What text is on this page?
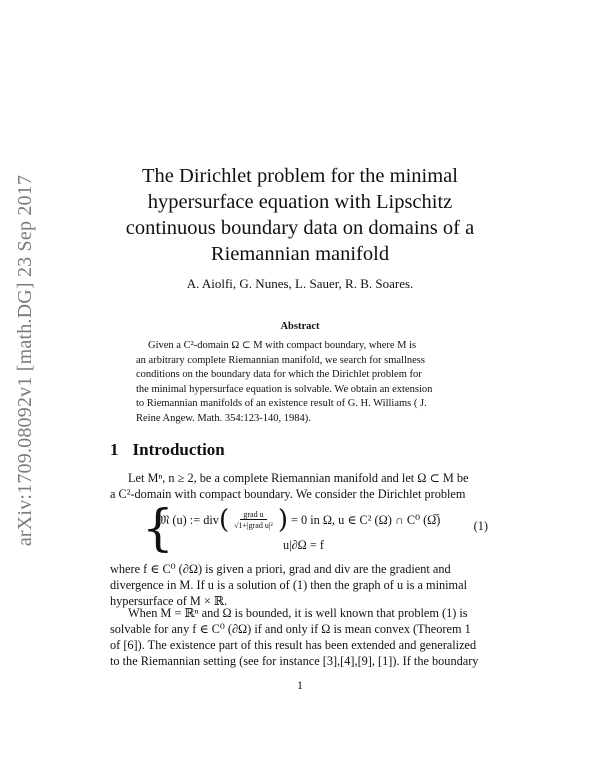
arXiv:1709.08092v1 [math.DG] 23 Sep 2017	The Dirichlet problem for the minimal
hypersurface equation with Lipschitz
continuous boundary data on domains of a
Riemannian manifold
A. Aiolfi, G. Nunes, L. Sauer, R. B. Soares.
Abstract
Given a C²-domain Ω ⊂ M with compact boundary, where M is
an arbitrary complete Riemannian manifold, we search for smallness
conditions on the boundary data for which the Dirichlet problem for
the minimal hypersurface equation is solvable. We obtain an extension
to Riemannian manifolds of an existence result of G. H. Williams ( J.
Reine Angew. Math. 354:123-140, 1984).
1 Introduction
Let Mⁿ, n ≥ 2, be a complete Riemannian manifold and let Ω ⊂ M be
a C²-domain with compact boundary. We consider the Dirichlet problem
{
𝔐 (u) := div ( $\frac{\text{grad u}}{\text{√1+|grad u|²}}$ ) = 0 in Ω, u ∈ C² (Ω) ∩ C⁰ (Ω̅)
u|∂Ω = f
(1)
where f ∈ C⁰ (∂Ω) is given a priori, grad and div are the gradient and
divergence in M. If u is a solution of (1) then the graph of u is a minimal
hypersurface of M × ℝ.
When M = ℝⁿ and Ω is bounded, it is well known that problem (1) is
solvable for any f ∈ C⁰ (∂Ω) if and only if Ω is mean convex (Theorem 1
of [6]). The existence part of this result has been extended and generalized
to the Riemannian setting (see for instance [3],[4],[9], [1]). If the boundary
1
